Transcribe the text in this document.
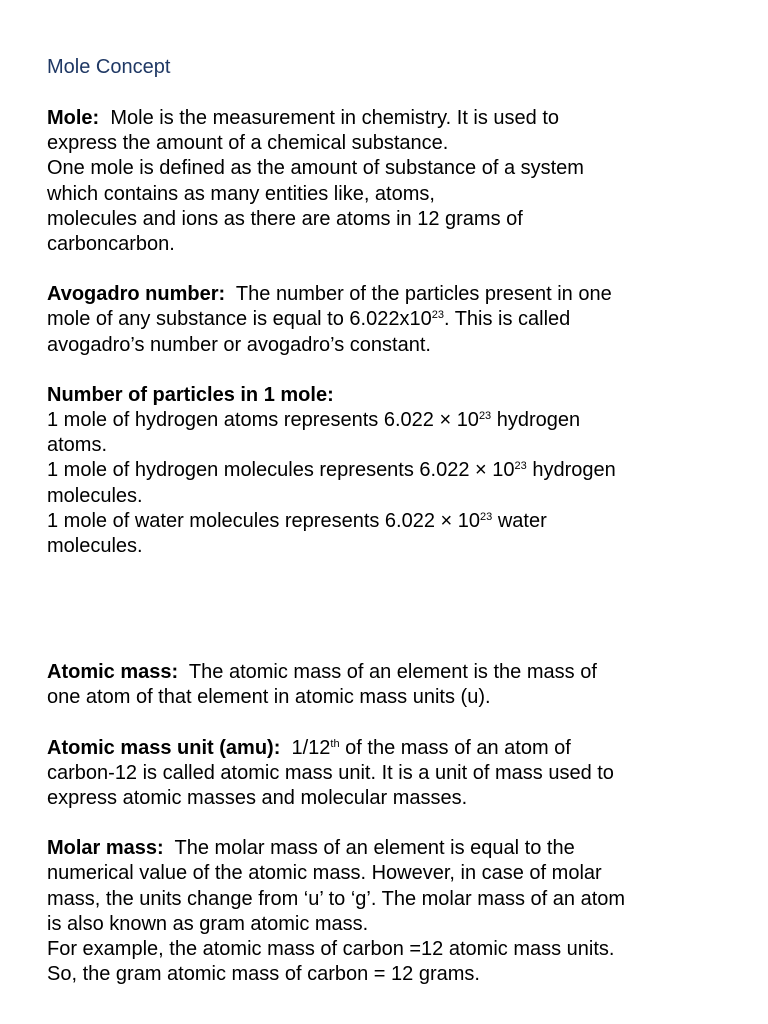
Mole Concept
Mole: Mole is the measurement in chemistry. It is used to
express the amount of a chemical substance.
One mole is defined as the amount of substance of a system
which contains as many entities like, atoms,
molecules and ions as there are atoms in 12 grams of
carboncarbon.
Avogadro number: The number of the particles present in one
mole of any substance is equal to $6.022x10^{23}$. This is called
avogadro’s number or avogadro’s constant.
Number of particles in 1 mole:
1 mole of hydrogen atoms represents $6.022 \times 10^{23}$ hydrogen
atoms.
1 mole of hydrogen molecules represents $6.022 \times 10^{23}$ hydrogen
molecules.
1 mole of water molecules represents $6.022 \times 10^{23}$ water
molecules.
Atomic mass: The atomic mass of an element is the mass of
one atom of that element in atomic mass units (u).
Atomic mass unit (amu): 1/12th of the mass of an atom of
carbon-12 is called atomic mass unit. It is a unit of mass used to
express atomic masses and molecular masses.
Molar mass: The molar mass of an element is equal to the
numerical value of the atomic mass. However, in case of molar
mass, the units change from ‘u’ to ‘g’. The molar mass of an atom
is also known as gram atomic mass.
For example, the atomic mass of carbon =12 atomic mass units.
So, the gram atomic mass of carbon = 12 grams.
